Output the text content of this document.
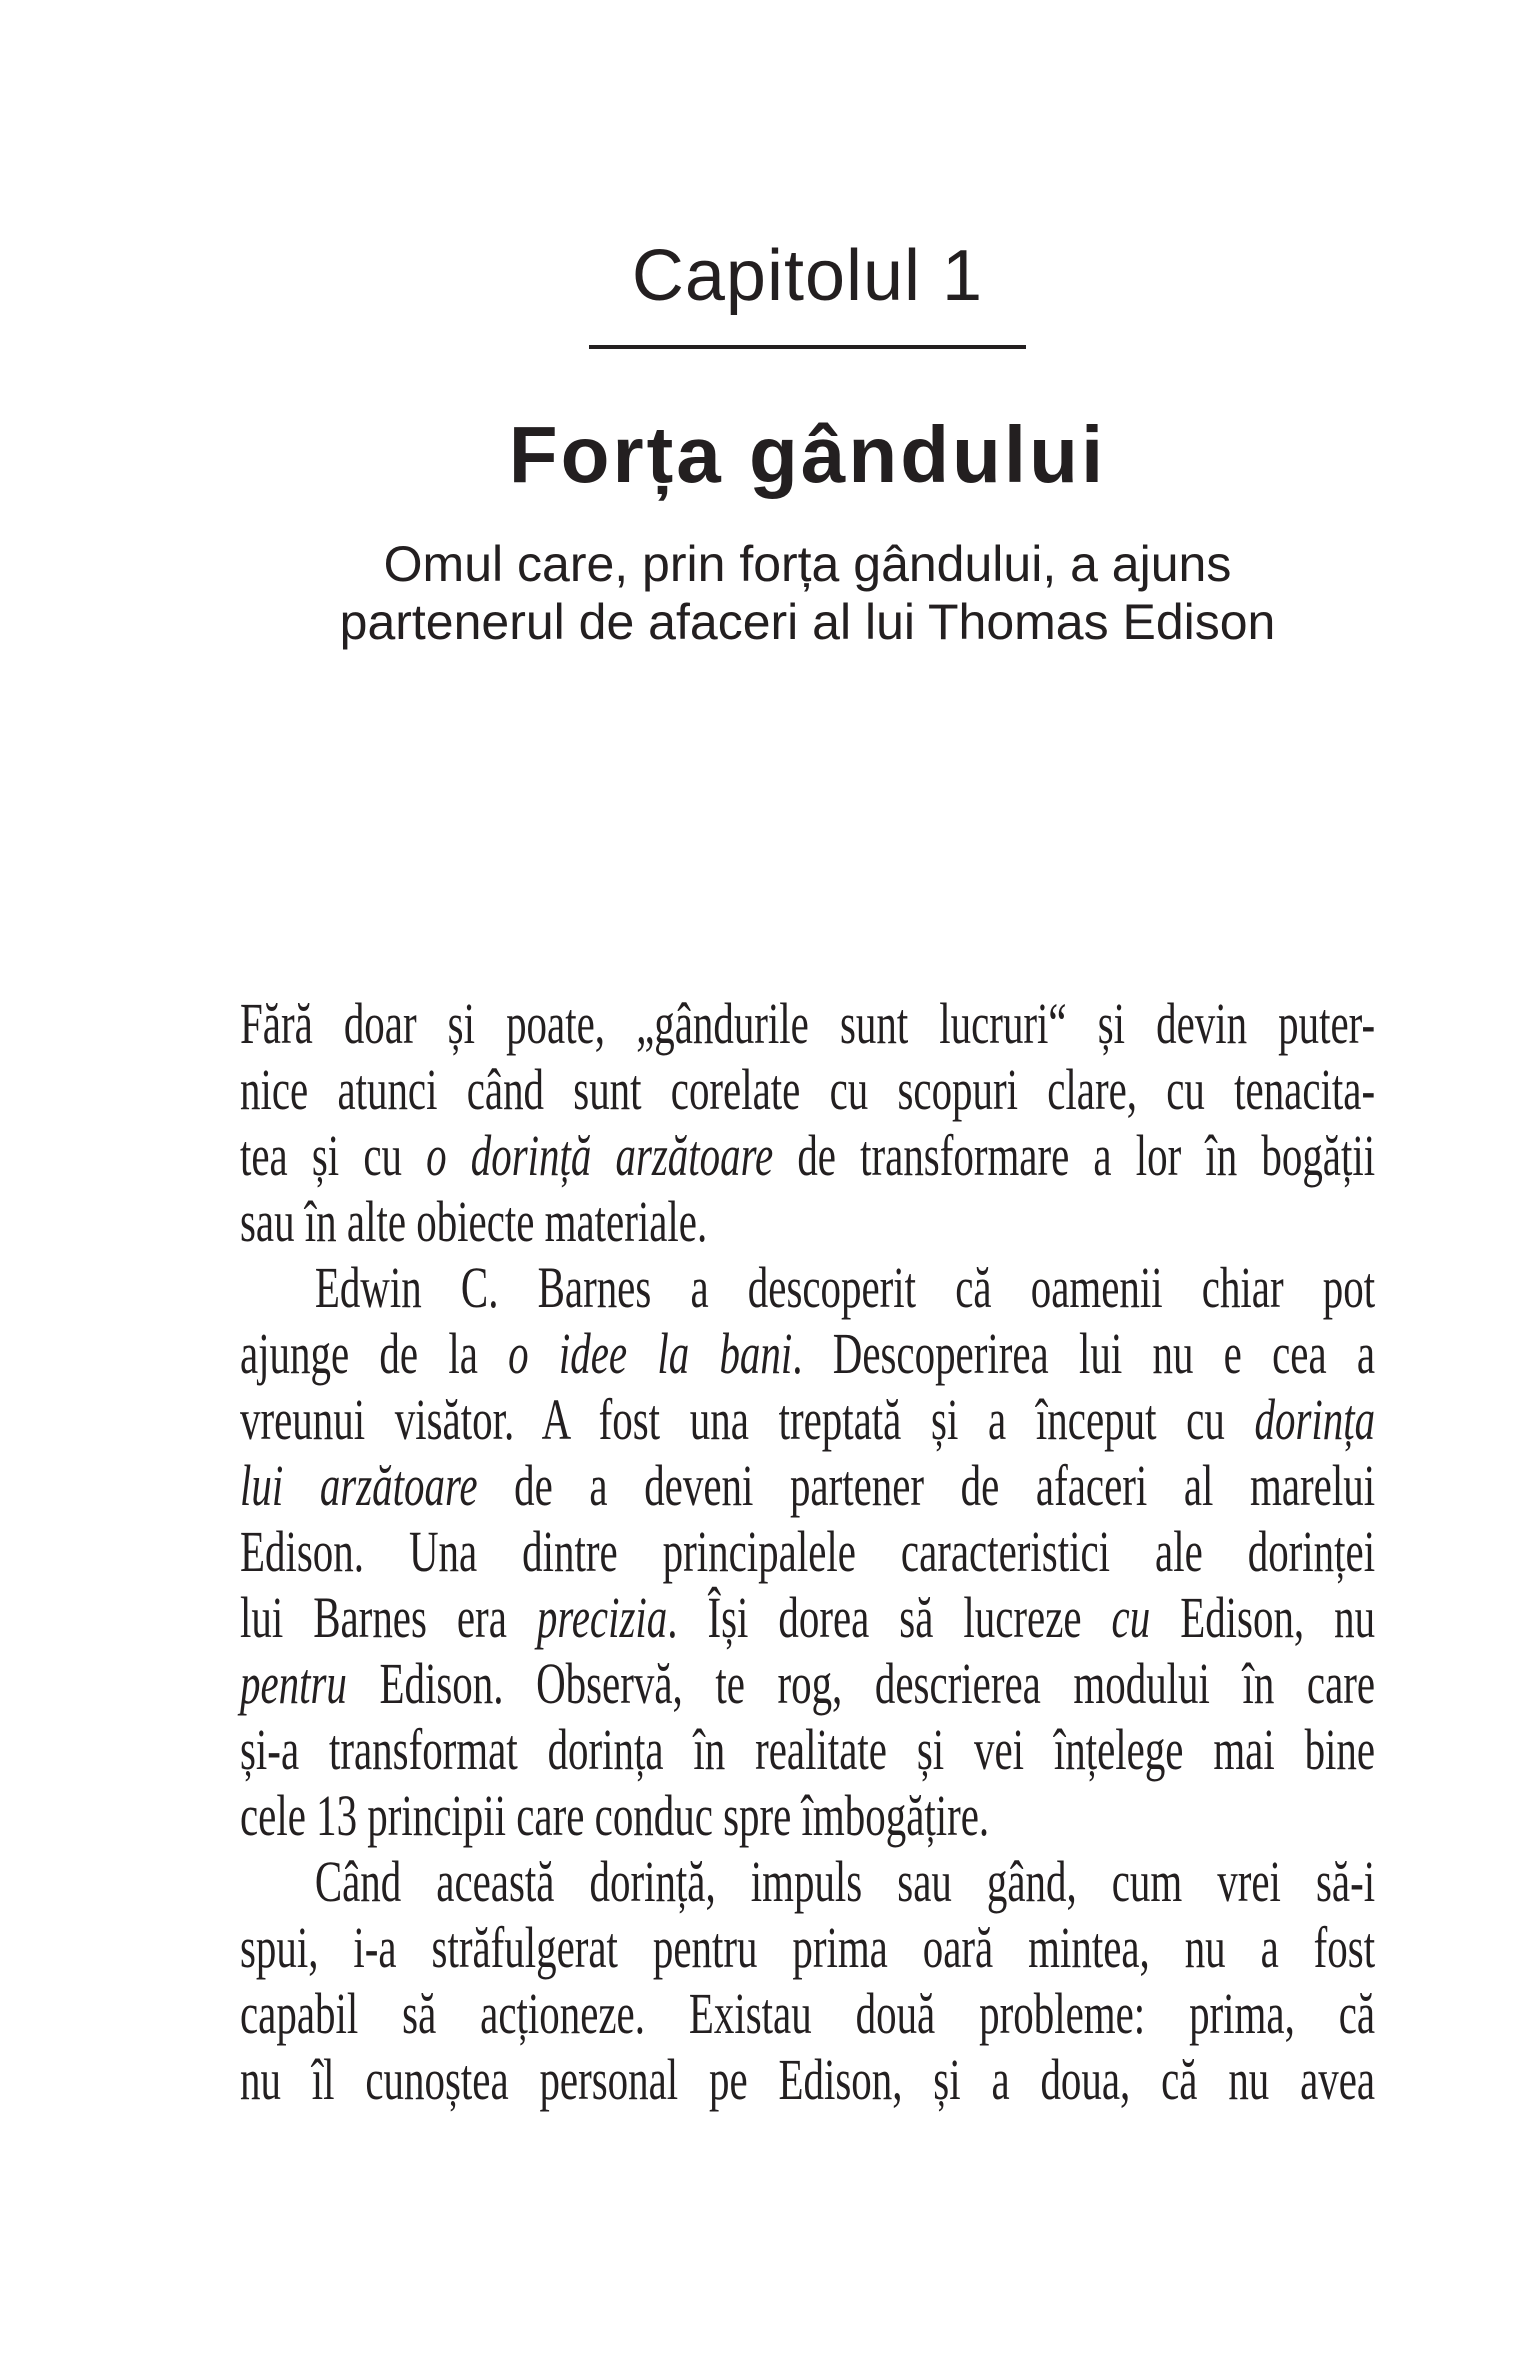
Capitolul 1
Forța gândului
Omul care, prin forța gândului, a ajuns partenerul de afaceri al lui Thomas Edison
Fără doar și poate, „gândurile sunt lucruri“ și devin puter-
nice atunci când sunt corelate cu scopuri clare, cu tenacita-
tea și cu o dorință arzătoare de transformare a lor în bogății
sau în alte obiecte materiale.
Edwin C. Barnes a descoperit că oamenii chiar pot
ajunge de la o idee la bani. Descoperirea lui nu e cea a
vreunui visător. A fost una treptată și a început cu dorința
lui arzătoare de a deveni partener de afaceri al marelui
Edison. Una dintre principalele caracteristici ale dorinței
lui Barnes era precizia. Își dorea să lucreze cu Edison, nu
pentru Edison. Observă, te rog, descrierea modului în care
și-a transformat dorința în realitate și vei înțelege mai bine
cele 13 principii care conduc spre îmbogățire.
Când această dorință, impuls sau gând, cum vrei să-i
spui, i-a străfulgerat pentru prima oară mintea, nu a fost
capabil să acționeze. Existau două probleme: prima, că
nu îl cunoștea personal pe Edison, și a doua, că nu avea
